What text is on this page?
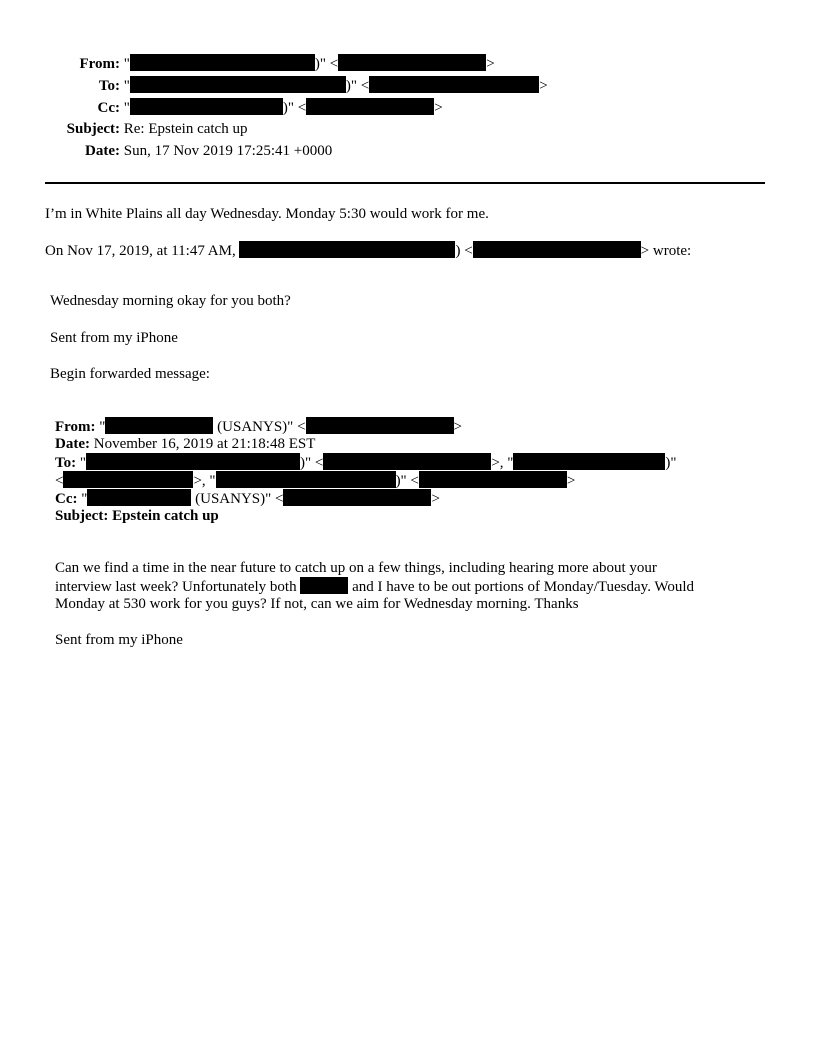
From: "	)" <	>
To: "	)" <	>
Cc: "	)" <	>
Subject: Re: Epstein catch up
Date: Sun, 17 Nov 2019 17:25:41 +0000
I’m in White Plains all day Wednesday. Monday 5:30 would work for me.
On Nov 17, 2019, at 11:47 AM,	) <	> wrote:
Wednesday morning okay for you both?
Sent from my iPhone
Begin forwarded message:
From: "	(USANYS)" <	>
Date: November 16, 2019 at 21:18:48 EST
To: "	)" <	>, "	)"
<	>, "	)" <	>
Cc: "	(USANYS)" <	>
Subject: Epstein catch up
Can we find a time in the near future to catch up on a few things, including hearing more about your
interview last week? Unfortunately both	and I have to be out portions of Monday/Tuesday. Would
Monday at 530 work for you guys? If not, can we aim for Wednesday morning. Thanks
Sent from my iPhone
